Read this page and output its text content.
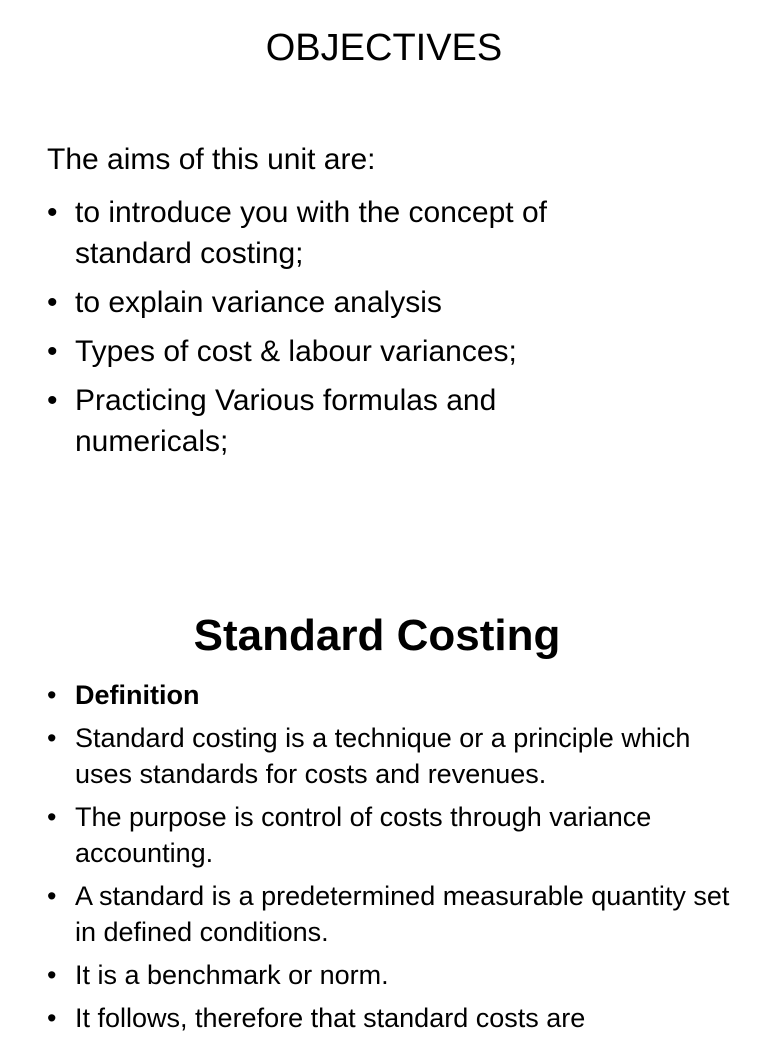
OBJECTIVES

The aims of this unit are:

• to introduce you with the concept of standard costing;
• to explain variance analysis
• Types of cost & labour variances;
• Practicing Various formulas and numericals;
Standard Costing
• Definition
• Standard costing is a technique or a principle which uses standards for costs and revenues.
• The purpose is control of costs through variance accounting.
• A standard is a predetermined measurable quantity set in defined conditions.
• It is a benchmark or norm.
• It follows, therefore that standard costs are
